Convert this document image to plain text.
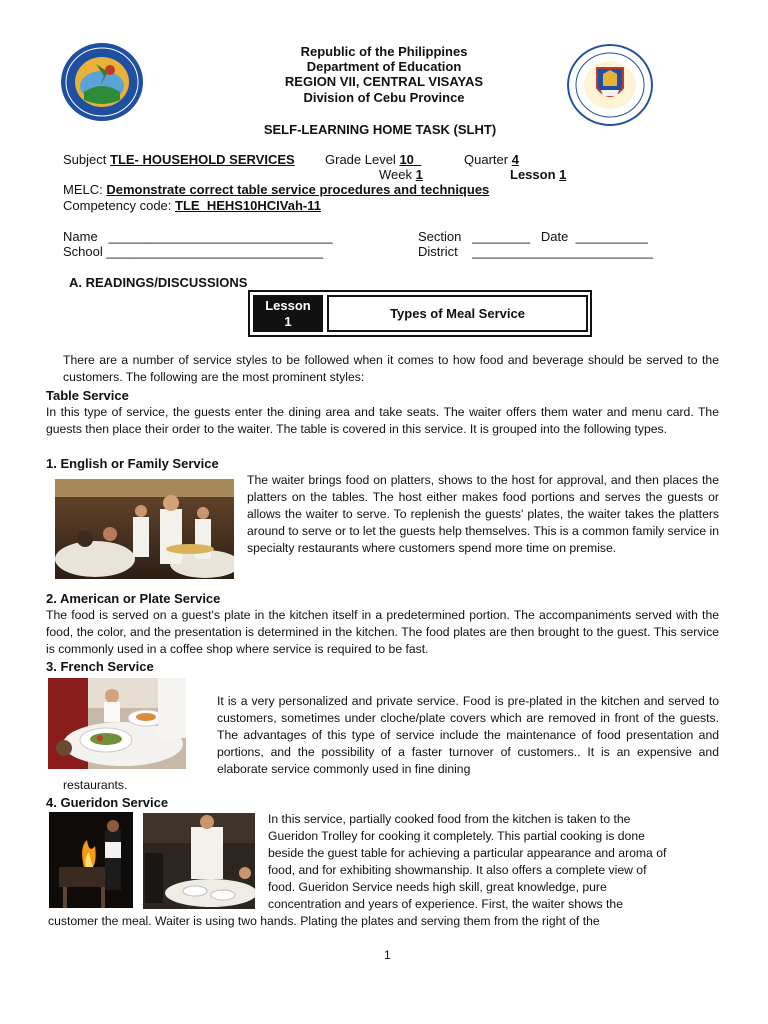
Republic of the Philippines
Department of Education
REGION VII, CENTRAL VISAYAS
Division of Cebu Province
SELF-LEARNING HOME TASK (SLHT)
Subject TLE- HOUSEHOLD SERVICES Grade Level 10	Quarter 4
Week 1	Lesson 1
MELC: Demonstrate correct table service procedures and techniques
Competency code: TLE_HEHS10HCIVah-11
Name _______________________________	Section ________ Date __________
School ______________________________	District _________________________
A. READINGS/DISCUSSIONS
Lesson
1
Types of Meal Service
There are a number of service styles to be followed when it comes to how food and beverage should be served to the customers. The following are the most prominent styles:
Table Service
In this type of service, the guests enter the dining area and take seats. The waiter offers them water and menu card. The guests then place their order to the waiter. The table is covered in this service. It is grouped into the following types.
1. English or Family Service
The waiter brings food on platters, shows to the host for approval, and then places the platters on the tables. The host either makes food portions and serves the guests or allows the waiter to serve. To replenish the guests' plates, the waiter takes the platters around to serve or to let the guests help themselves. This is a common family service in specialty restaurants where customers spend more time on premise.
2. American or Plate Service
The food is served on a guest's plate in the kitchen itself in a predetermined portion. The accompaniments served with the food, the color, and the presentation is determined in the kitchen. The food plates are then brought to the guest. This service is commonly used in a coffee shop where service is required to be fast.
3. French Service
It is a very personalized and private service. Food is pre-plated in the kitchen and served to customers, sometimes under cloche/plate covers which are removed in front of the guests. The advantages of this type of service include the maintenance of food presentation and portions, and the possibility of a faster turnover of customers.. It is an expensive and elaborate service commonly used in fine dining
restaurants.
4. Gueridon Service
In this service, partially cooked food from the kitchen is taken to the
Gueridon Trolley for cooking it completely. This partial cooking is done
beside the guest table for achieving a particular appearance and aroma of
food, and for exhibiting showmanship. It also offers a complete view of
food. Gueridon Service needs high skill, great knowledge, pure
concentration and years of experience. First, the waiter shows the
customer the meal. Waiter is using two hands. Plating the plates and serving them from the right of the
1
